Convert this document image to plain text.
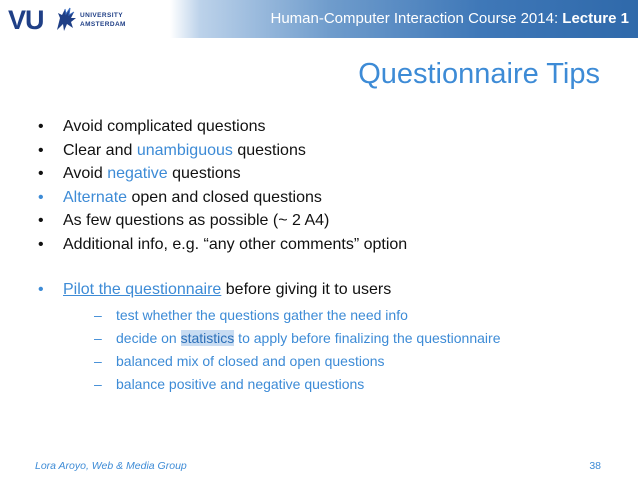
Human-Computer Interaction Course 2014: Lecture 1
VU	UNIVERSITY
AMSTERDAM
Questionnaire Tips
• Avoid complicated questions
• Clear and unambiguous questions
• Avoid negative questions
• Alternate open and closed questions
• As few questions as possible (~ 2 A4)
• Additional info, e.g. “any other comments” option
• Pilot the questionnaire before giving it to users
– test whether the questions gather the need info
– decide on statistics to apply before finalizing the questionnaire
– balanced mix of closed and open questions
– balance positive and negative questions
Lora Aroyo, Web & Media Group	38
